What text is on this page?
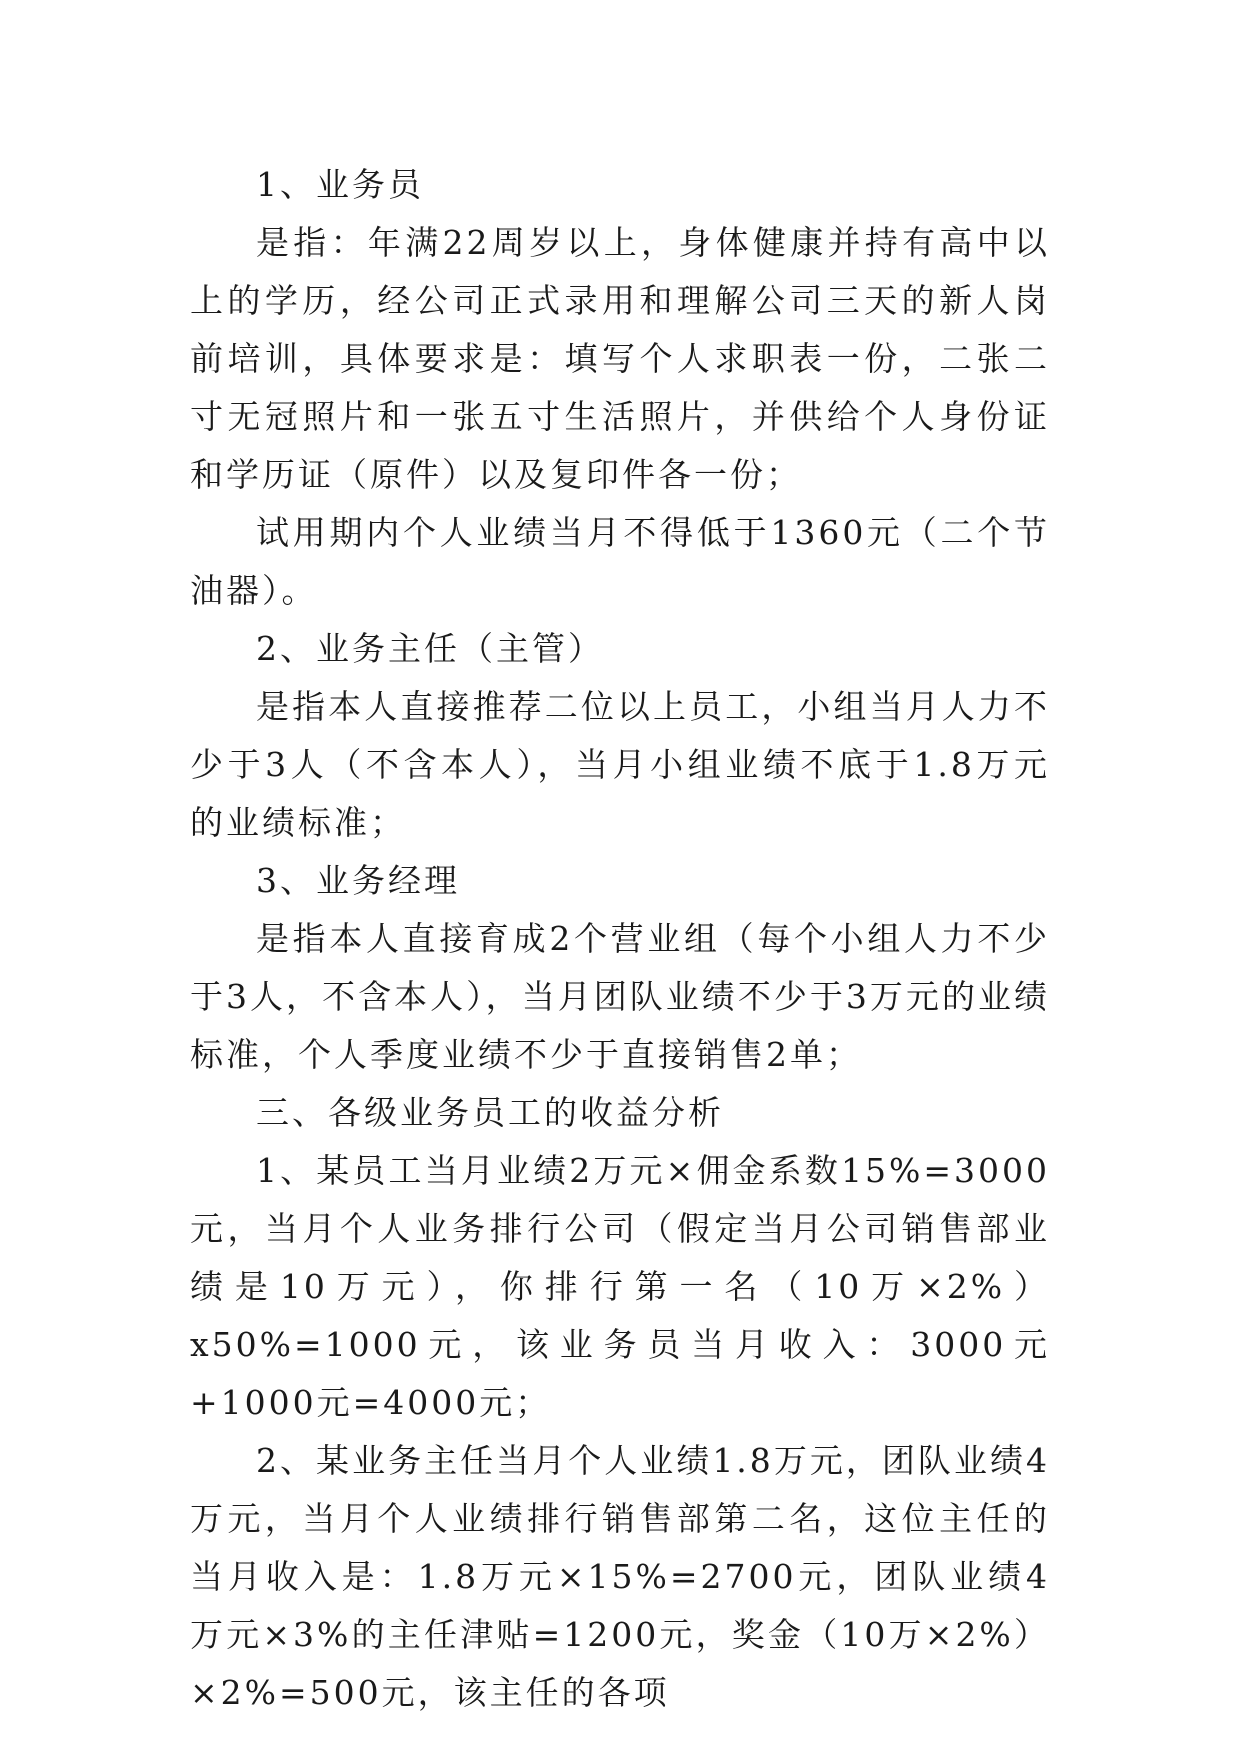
1、业务员

是指：年满22周岁以上，身体健康并持有高中以上的学历，经公司正式录用和理解公司三天的新人岗前培训，具体要求是：填写个人求职表一份，二张二寸无冠照片和一张五寸生活照片，并供给个人身份证和学历证（原件）以及复印件各一份；

试用期内个人业绩当月不得低于1360元（二个节油器）。

2、业务主任（主管）

是指本人直接推荐二位以上员工，小组当月人力不少于3人（不含本人），当月小组业绩不底于1.8万元的业绩标准；

3、业务经理

是指本人直接育成2个营业组（每个小组人力不少于3人，不含本人），当月团队业绩不少于3万元的业绩标准，个人季度业绩不少于直接销售2单；

三、各级业务员工的收益分析

1、某员工当月业绩2万元×佣金系数15%=3000元，当月个人业务排行公司（假定当月公司销售部业绩是10万元），你排行第一名（10万×2%）x50%=1000元，该业务员当月收入：3000元+1000元=4000元；

2、某业务主任当月个人业绩1.8万元，团队业绩4万元，当月个人业绩排行销售部第二名，这位主任的当月收入是：1.8万元×15%=2700元，团队业绩4万元×3%的主任津贴=1200元，奖金（10万×2%）×2%=500元，该主任的各项
